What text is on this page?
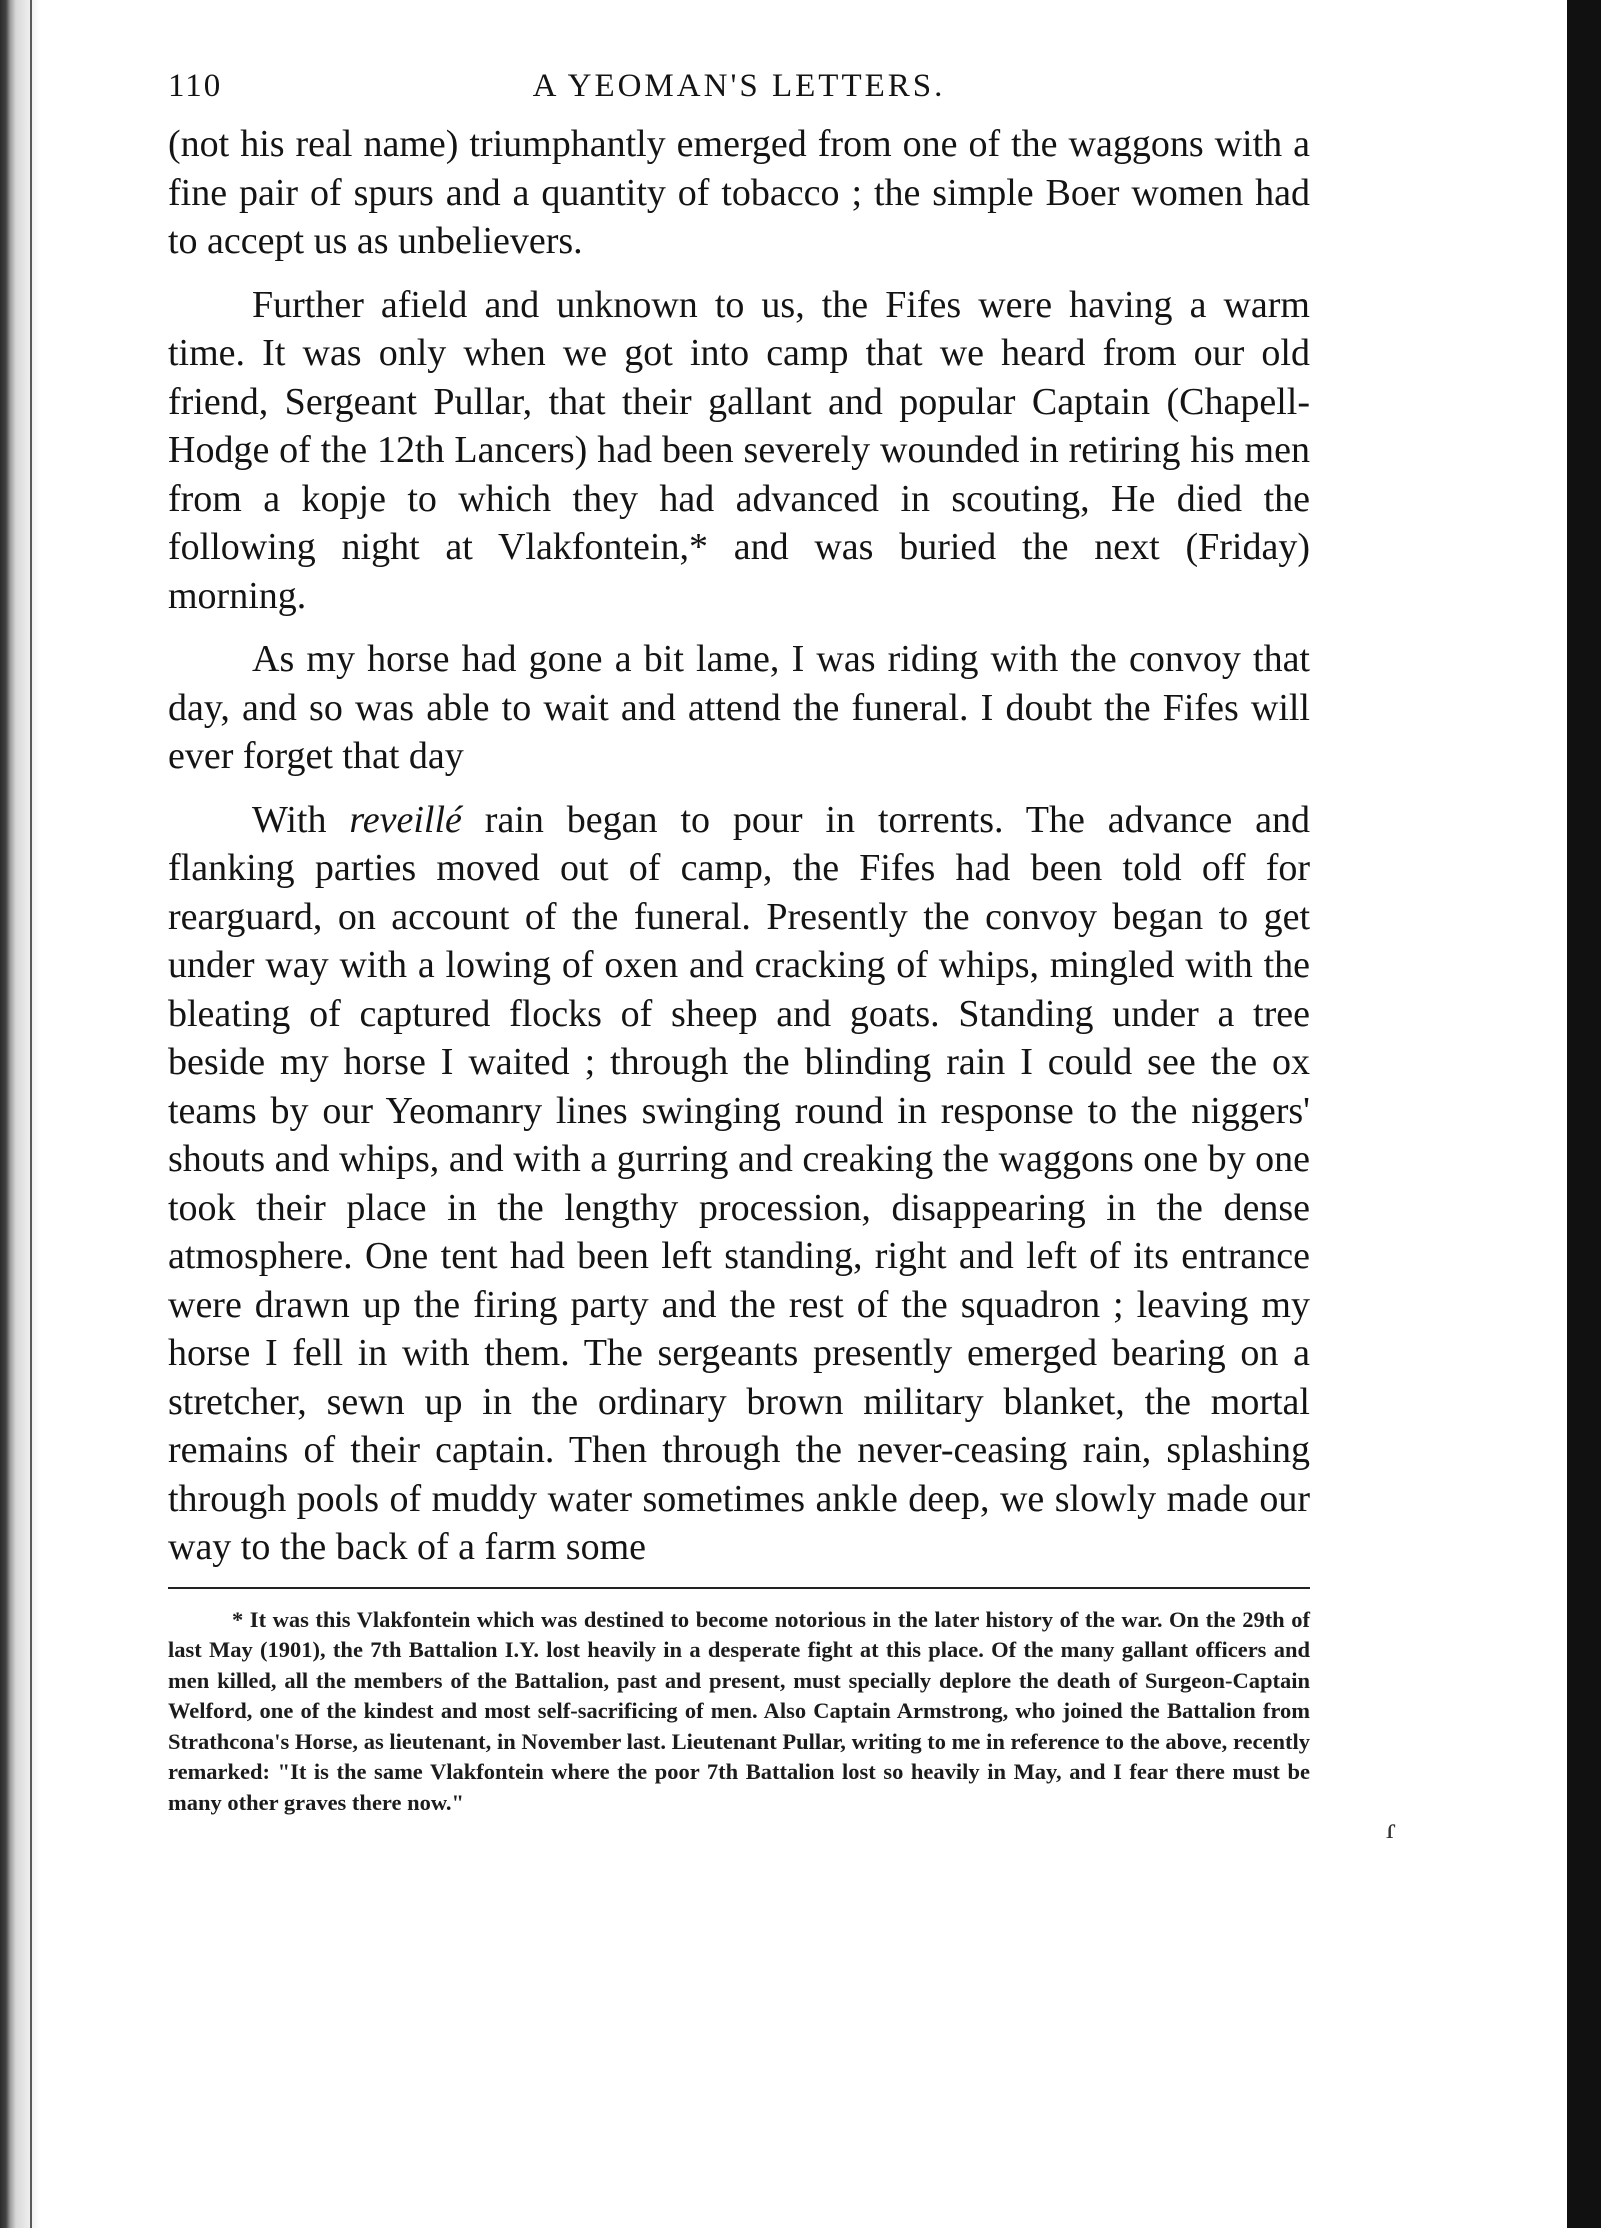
110	A YEOMAN'S LETTERS.

(not his real name) triumphantly emerged from one of the waggons with a fine pair of spurs and a quantity of tobacco ; the simple Boer women had to accept us as unbelievers.

Further afield and unknown to us, the Fifes were having a warm time. It was only when we got into camp that we heard from our old friend, Sergeant Pullar, that their gallant and popular Captain (Chapell-Hodge of the 12th Lancers) had been severely wounded in retiring his men from a kopje to which they had advanced in scouting, He died the following night at Vlakfontein,* and was buried the next (Friday) morning.

As my horse had gone a bit lame, I was riding with the convoy that day, and so was able to wait and attend the funeral. I doubt the Fifes will ever forget that day

With reveillé rain began to pour in torrents. The advance and flanking parties moved out of camp, the Fifes had been told off for rearguard, on account of the funeral. Presently the convoy began to get under way with a lowing of oxen and cracking of whips, mingled with the bleating of captured flocks of sheep and goats. Standing under a tree beside my horse I waited ; through the blinding rain I could see the ox teams by our Yeomanry lines swinging round in response to the niggers' shouts and whips, and with a gurring and creaking the waggons one by one took their place in the lengthy procession, disappearing in the dense atmosphere. One tent had been left standing, right and left of its entrance were drawn up the firing party and the rest of the squadron ; leaving my horse I fell in with them. The sergeants presently emerged bearing on a stretcher, sewn up in the ordinary brown military blanket, the mortal remains of their captain. Then through the never-ceasing rain, splashing through pools of muddy water sometimes ankle deep, we slowly made our way to the back of a farm some

* It was this Vlakfontein which was destined to become notorious in the later history of the war. On the 29th of last May (1901), the 7th Battalion I.Y. lost heavily in a desperate fight at this place. Of the many gallant officers and men killed, all the members of the Battalion, past and present, must specially deplore the death of Surgeon-Captain Welford, one of the kindest and most self-sacrificing of men. Also Captain Armstrong, who joined the Battalion from Strathcona's Horse, as lieutenant, in November last. Lieutenant Pullar, writing to me in reference to the above, recently remarked: "It is the same Vlakfontein where the poor 7th Battalion lost so heavily in May, and I fear there must be many other graves there now."

ɾ
